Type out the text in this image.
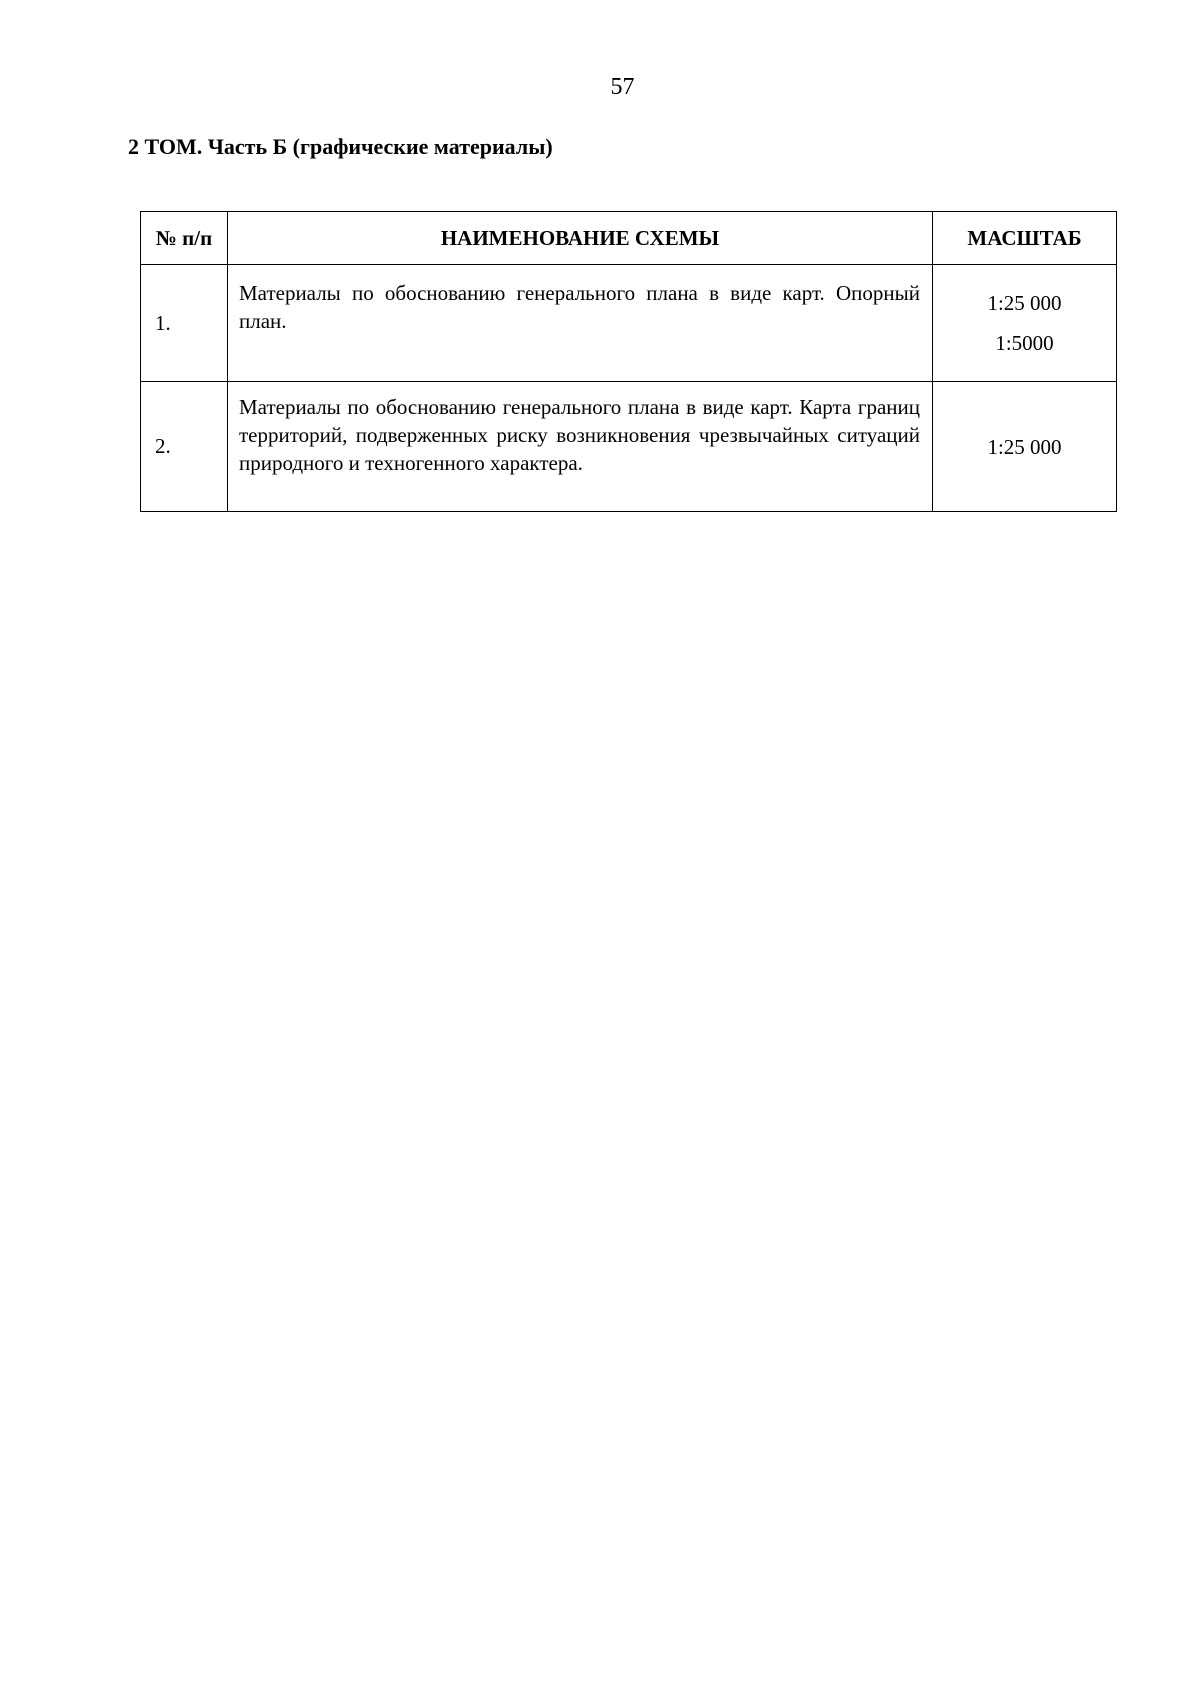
57
2 ТОМ. Часть Б (графические материалы)
№ п/п	НАИМЕНОВАНИЕ СХЕМЫ	МАСШТАБ
1.	Материалы по обоснованию генерального плана в виде карт. Опорный план.	1:25 000
1:5000

2.	Материалы по обоснованию генерального плана в виде карт. Карта границ территорий, подверженных риску возникновения чрезвычайных ситуаций природного и техногенного характера.	1:25 000
